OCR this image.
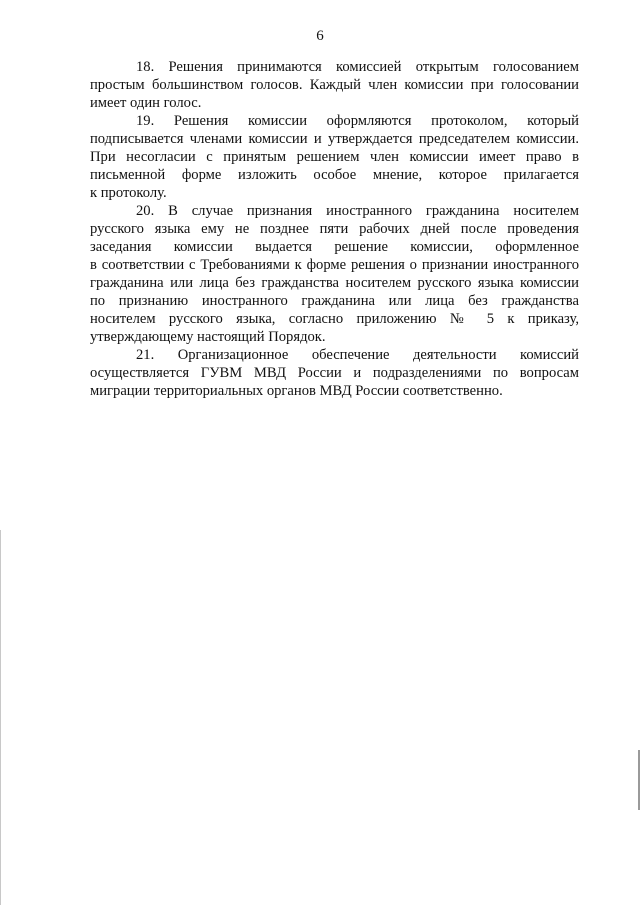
6
18. Решения принимаются комиссией открытым голосованием
простым большинством голосов. Каждый член комиссии при голосовании
имеет один голос.
19. Решения комиссии оформляются протоколом, который
подписывается членами комиссии и утверждается председателем комиссии.
При несогласии с принятым решением член комиссии имеет право в
письменной форме изложить особое мнение, которое прилагается
к протоколу.
20. В случае признания иностранного гражданина носителем
русского языка ему не позднее пяти рабочих дней после проведения
заседания комиссии выдается решение комиссии, оформленное
в соответствии с Требованиями к форме решения о признании иностранного
гражданина или лица без гражданства носителем русского языка комиссии
по признанию иностранного гражданина или лица без гражданства
носителем русского языка, согласно приложению № 5 к приказу,
утверждающему настоящий Порядок.
21. Организационное обеспечение деятельности комиссий
осуществляется ГУВМ МВД России и подразделениями по вопросам
миграции территориальных органов МВД России соответственно.
